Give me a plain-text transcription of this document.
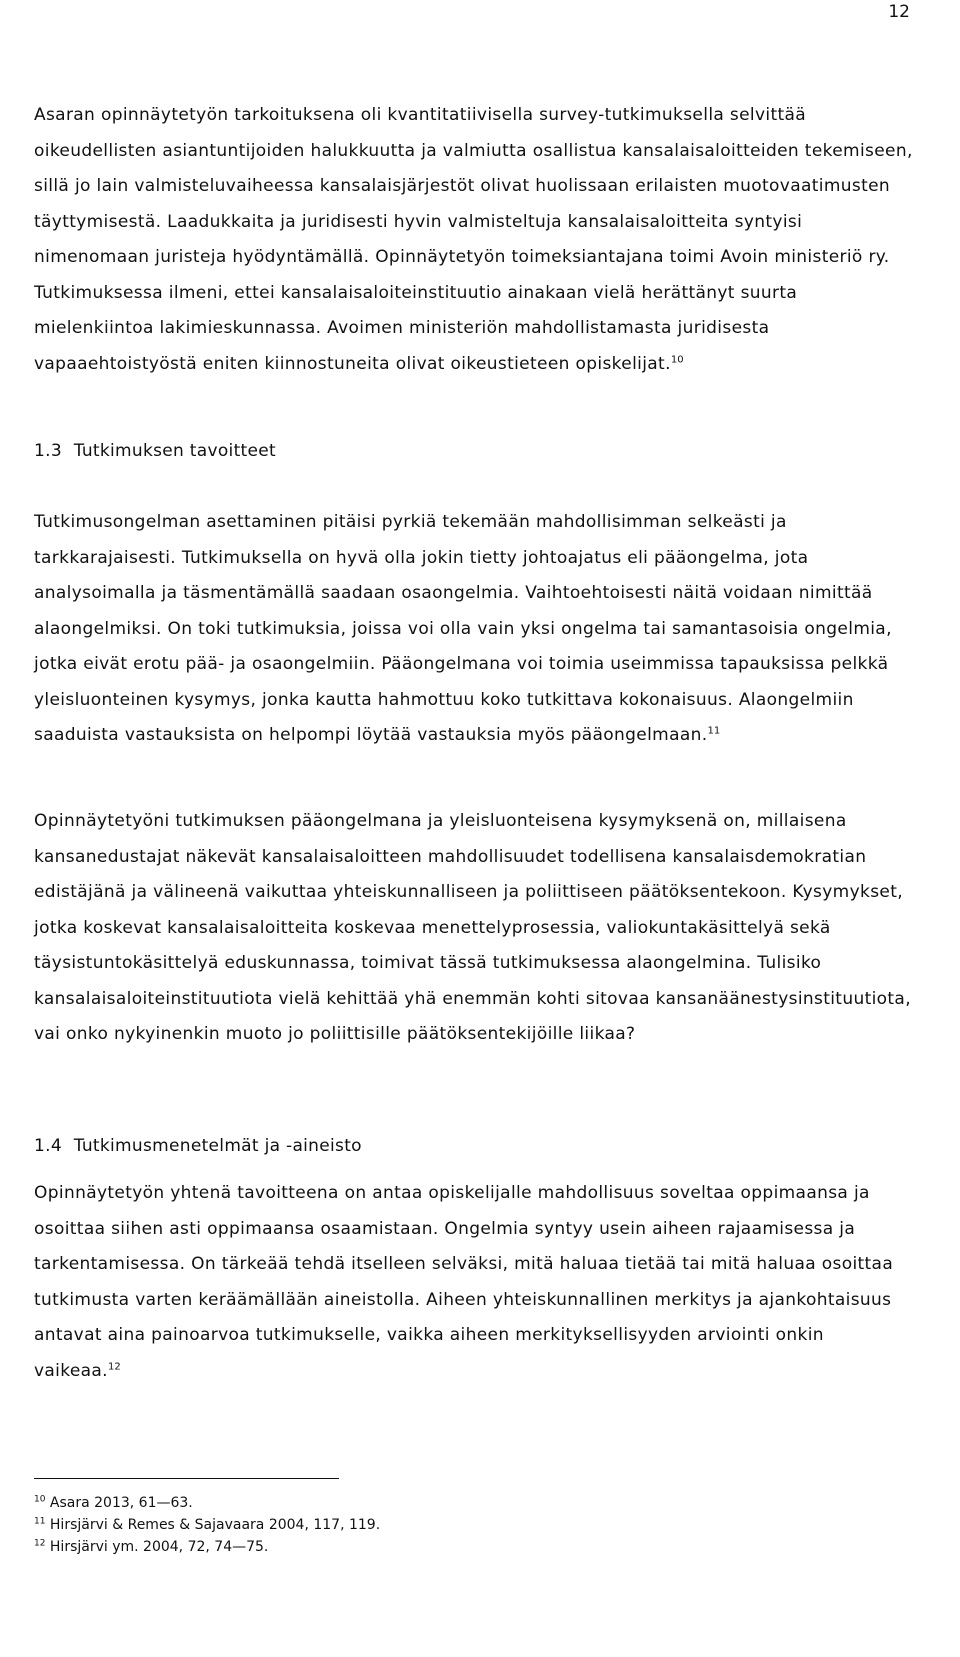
12

Asaran opinnäytetyön tarkoituksena oli kvantitatiivisella survey-tutkimuksella selvittää oikeudellisten asiantuntijoiden halukkuutta ja valmiutta osallistua kansalaisaloitteiden tekemiseen, sillä jo lain valmisteluvaiheessa kansalaisjärjestöt olivat huolissaan erilaisten muotovaatimusten täyttymisestä. Laadukkaita ja juridisesti hyvin valmisteltuja kansalaisaloitteita syntyisi nimenomaan juristeja hyödyntämällä. Opinnäytetyön toimeksiantajana toimi Avoin ministeriö ry. Tutkimuksessa ilmeni, ettei kansalaisaloiteinstituutio ainakaan vielä herättänyt suurta mielenkiintoa lakimieskunnassa. Avoimen ministeriön mahdollistamasta juridisesta vapaaehtoistyöstä eniten kiinnostuneita olivat oikeustieteen opiskelijat.$^{10}$

1.3 Tutkimuksen tavoitteet

Tutkimusongelman asettaminen pitäisi pyrkiä tekemään mahdollisimman selkeästi ja tarkkarajaisesti. Tutkimuksella on hyvä olla jokin tietty johtoajatus eli pääongelma, jota analysoimalla ja täsmentämällä saadaan osaongelmia. Vaihtoehtoisesti näitä voidaan nimittää alaongelmiksi. On toki tutkimuksia, joissa voi olla vain yksi ongelma tai samantasoisia ongelmia, jotka eivät erotu pää- ja osaongelmiin. Pääongelmana voi toimia useimmissa tapauksissa pelkkä yleisluonteinen kysymys, jonka kautta hahmottuu koko tutkittava kokonaisuus. Alaongelmiin saaduista vastauksista on helpompi löytää vastauksia myös pääongelmaan.$^{11}$

Opinnäytetyöni tutkimuksen pääongelmana ja yleisluonteisena kysymyksenä on, millaisena kansanedustajat näkevät kansalaisaloitteen mahdollisuudet todellisena kansalaisdemokratian edistäjänä ja välineenä vaikuttaa yhteiskunnalliseen ja poliittiseen päätöksentekoon. Kysymykset, jotka koskevat kansalaisaloitteita koskevaa menettelyprosessia, valiokuntakäsittelyä sekä täysistuntokäsittelyä eduskunnassa, toimivat tässä tutkimuksessa alaongelmina. Tulisiko kansalaisaloiteinstituutiota vielä kehittää yhä enemmän kohti sitovaa kansanäänestysinstituutiota, vai onko nykyinenkin muoto jo poliittisille päätöksentekijöille liikaa?

1.4 Tutkimusmenetelmät ja -aineisto

Opinnäytetyön yhtenä tavoitteena on antaa opiskelijalle mahdollisuus soveltaa oppimaansa ja osoittaa siihen asti oppimaansa osaamistaan. Ongelmia syntyy usein aiheen rajaamisessa ja tarkentamisessa. On tärkeää tehdä itselleen selväksi, mitä haluaa tietää tai mitä haluaa osoittaa tutkimusta varten keräämällään aineistolla. Aiheen yhteiskunnallinen merkitys ja ajankohtaisuus antavat aina painoarvoa tutkimukselle, vaikka aiheen merkityksellisyyden arviointi onkin vaikeaa.$^{12}$

$^{10}$ Asara 2013, 61—63.
$^{11}$ Hirsjärvi & Remes & Sajavaara 2004, 117, 119.
$^{12}$ Hirsjärvi ym. 2004, 72, 74—75.
